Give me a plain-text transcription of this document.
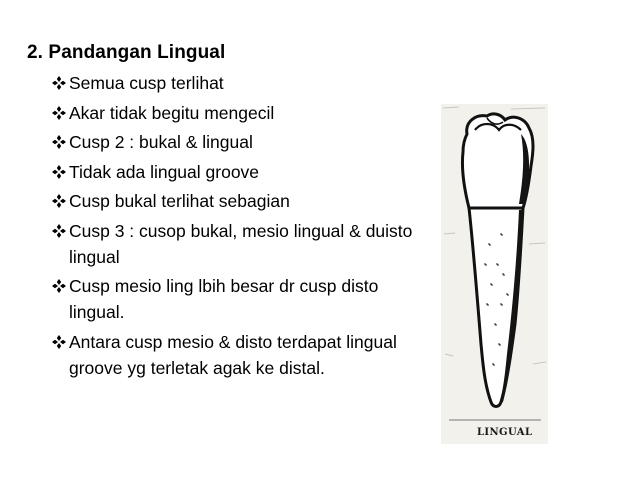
2. Pandangan Lingual
Semua cusp terlihat
Akar tidak begitu mengecil
Cusp 2 : bukal & lingual
Tidak ada lingual groove
Cusp bukal terlihat sebagian
Cusp 3 : cusop bukal, mesio lingual & duisto lingual
Cusp mesio ling lbih besar dr cusp disto lingual.
Antara cusp mesio & disto terdapat lingual groove yg terletak agak ke distal.
LINGUAL
